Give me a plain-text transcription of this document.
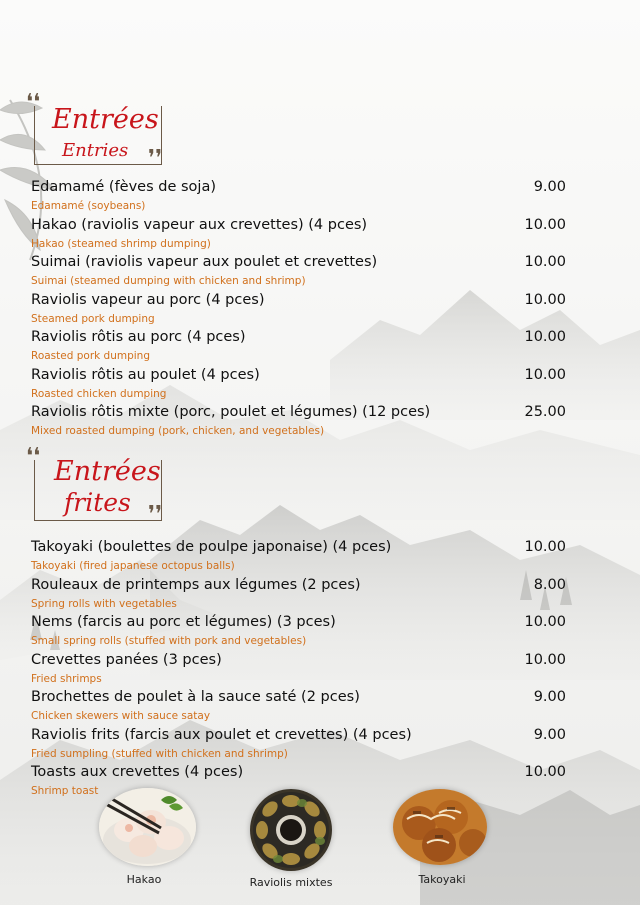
❛❛
Entrées
Entries ❜❜
Edamamé (fèves de soja)	9.00
Edamamé (soybeans)
Hakao (raviolis vapeur aux crevettes) (4 pces)	10.00
Hakao (steamed shrimp dumping)
Suimai (raviolis vapeur aux poulet et crevettes)	10.00
Suimai (steamed dumping with chicken and shrimp)
Raviolis vapeur au porc (4 pces)	10.00
Steamed pork dumping
Raviolis rôtis au porc (4 pces)	10.00
Roasted pork dumping
Raviolis rôtis au poulet (4 pces)	10.00
Roasted chicken dumping
Raviolis rôtis mixte (porc, poulet et légumes) (12 pces)	25.00
Mixed roasted dumping (pork, chicken, and vegetables)
❛❛ Entrées
frites ❜❜
Takoyaki (boulettes de poulpe japonaise) (4 pces)	10.00
Takoyaki (fired japanese octopus balls)
Rouleaux de printemps aux légumes (2 pces)	8.00
Spring rolls with vegetables
Nems (farcis au porc et légumes) (3 pces)	10.00
Small spring rolls (stuffed with pork and vegetables)
Crevettes panées (3 pces)	10.00
Fried shrimps
Brochettes de poulet à la sauce saté (2 pces)	9.00
Chicken skewers with sauce satay
Raviolis frits (farcis aux poulet et crevettes) (4 pces)	9.00
Fried sumpling (stuffed with chicken and shrimp)
Toasts aux crevettes (4 pces)	10.00
Shrimp toast
Hakao	Raviolis mixtes	Takoyaki
